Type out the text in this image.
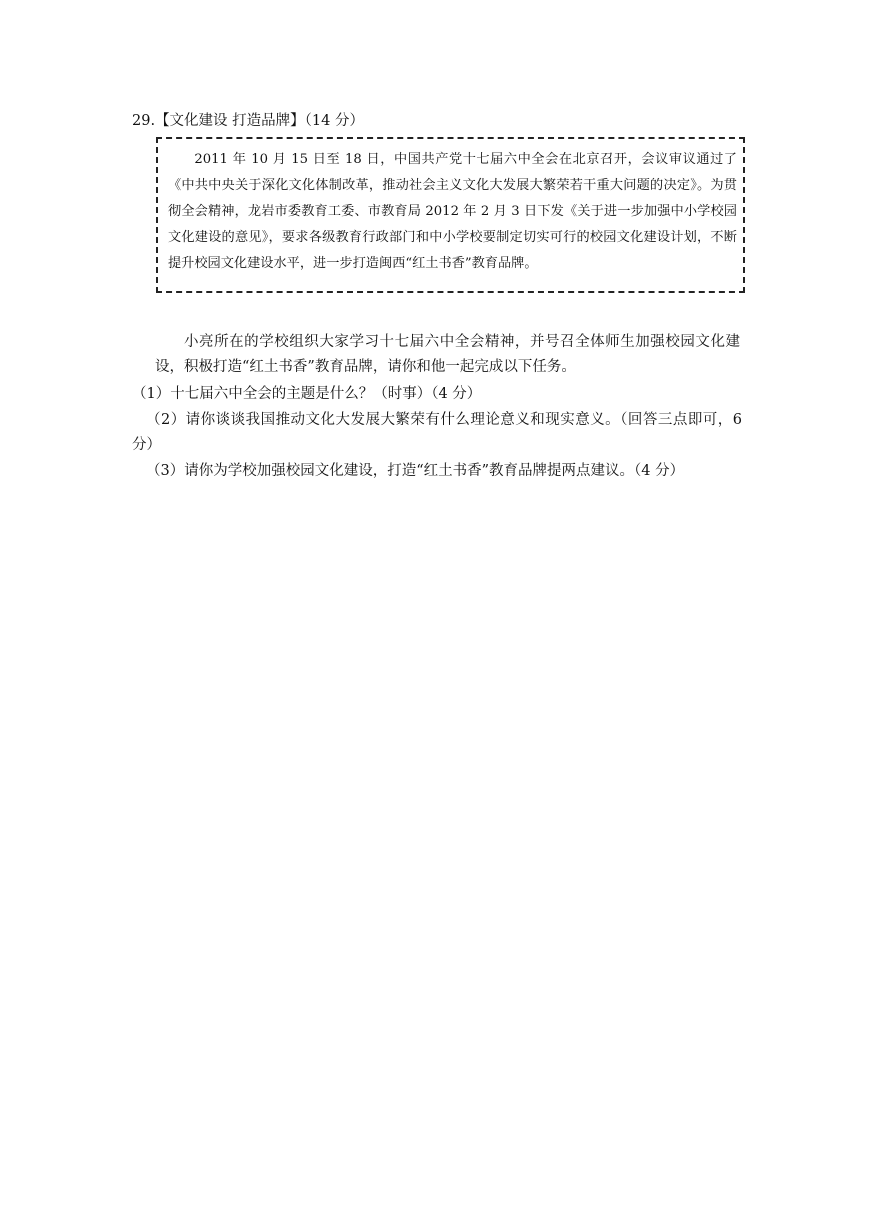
29.【文化建设 打造品牌】（14 分）

2011 年 10 月 15 日至 18 日，中国共产党十七届六中全会在北京召开，会议审议通过了《中共中央关于深化文化体制改革，推动社会主义文化大发展大繁荣若干重大问题的决定》。为贯彻全会精神，龙岩市委教育工委、市教育局 2012 年 2 月 3 日下发《关于进一步加强中小学校园文化建设的意见》，要求各级教育行政部门和中小学校要制定切实可行的校园文化建设计划，不断提升校园文化建设水平，进一步打造闽西“红土书香”教育品牌。

小亮所在的学校组织大家学习十七届六中全会精神，并号召全体师生加强校园文化建设，积极打造“红土书香”教育品牌，请你和他一起完成以下任务。

（1）十七届六中全会的主题是什么？（时事）（4 分）

（2）请你谈谈我国推动文化大发展大繁荣有什么理论意义和现实意义。（回答三点即可，6 分）

（3）请你为学校加强校园文化建设，打造“红土书香”教育品牌提两点建议。（4 分）
